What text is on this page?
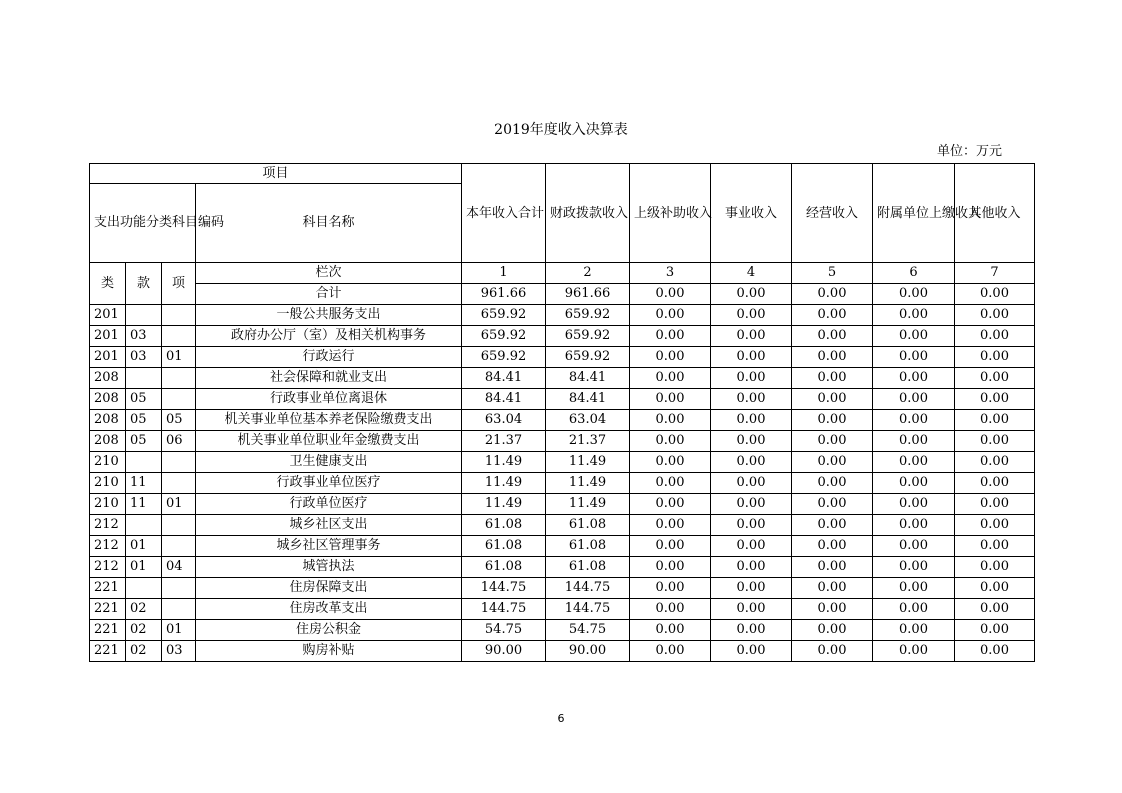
2019年度收入决算表
单位：万元
项目				本年收入合计	财政拨款收入	上级补助收入	事业收入	经营收入	附属单位上缴收入	其他收入
支出功能分类科目编码			科目名称							
类	款	项	栏次	1	2	3	4	5	6	7
			合计	961.66	961.66	0.00	0.00	0.00	0.00	0.00
201			一般公共服务支出	659.92	659.92	0.00	0.00	0.00	0.00	0.00
201	03		政府办公厅（室）及相关机构事务	659.92	659.92	0.00	0.00	0.00	0.00	0.00
201	03	01	行政运行	659.92	659.92	0.00	0.00	0.00	0.00	0.00
208			社会保障和就业支出	84.41	84.41	0.00	0.00	0.00	0.00	0.00
208	05		行政事业单位离退休	84.41	84.41	0.00	0.00	0.00	0.00	0.00
208	05	05	机关事业单位基本养老保险缴费支出	63.04	63.04	0.00	0.00	0.00	0.00	0.00
208	05	06	机关事业单位职业年金缴费支出	21.37	21.37	0.00	0.00	0.00	0.00	0.00
210			卫生健康支出	11.49	11.49	0.00	0.00	0.00	0.00	0.00
210	11		行政事业单位医疗	11.49	11.49	0.00	0.00	0.00	0.00	0.00
210	11	01	行政单位医疗	11.49	11.49	0.00	0.00	0.00	0.00	0.00
212			城乡社区支出	61.08	61.08	0.00	0.00	0.00	0.00	0.00
212	01		城乡社区管理事务	61.08	61.08	0.00	0.00	0.00	0.00	0.00
212	01	04	城管执法	61.08	61.08	0.00	0.00	0.00	0.00	0.00
221			住房保障支出	144.75	144.75	0.00	0.00	0.00	0.00	0.00
221	02		住房改革支出	144.75	144.75	0.00	0.00	0.00	0.00	0.00
221	02	01	住房公积金	54.75	54.75	0.00	0.00	0.00	0.00	0.00
221	02	03	购房补贴	90.00	90.00	0.00	0.00	0.00	0.00	0.00
6
